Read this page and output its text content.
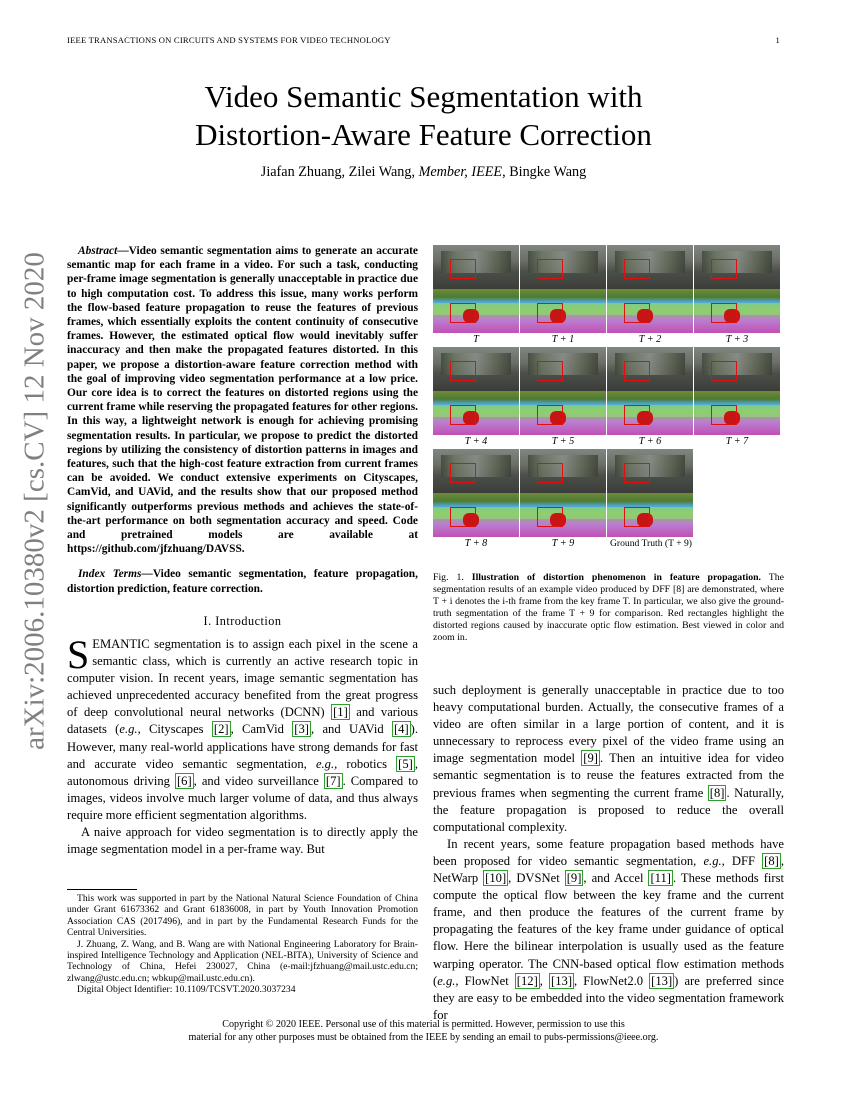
IEEE TRANSACTIONS ON CIRCUITS AND SYSTEMS FOR VIDEO TECHNOLOGY	1
arXiv:2006.10380v2 [cs.CV] 12 Nov 2020
Video Semantic Segmentation with
Distortion-Aware Feature Correction
Jiafan Zhuang, Zilei Wang, Member, IEEE, Bingke Wang

Abstract—Video semantic segmentation aims to generate an accurate semantic map for each frame in a video. For such a task, conducting per-frame image segmentation is generally unacceptable in practice due to high computation cost. To address this issue, many works perform the flow-based feature propagation to reuse the features of previous frames, which essentially exploits the content continuity of consecutive frames. However, the estimated optical flow would inevitably suffer inaccuracy and then make the propagated features distorted. In this paper, we propose a distortion-aware feature correction method with the goal of improving video segmentation performance at a low price. Our core idea is to correct the features on distorted regions using the current frame while reserving the propagated features for other regions. In this way, a lightweight network is enough for achieving promising segmentation results. In particular, we propose to predict the distorted regions by utilizing the consistency of distortion patterns in images and features, such that the high-cost feature extraction from current frames can be avoided. We conduct extensive experiments on Cityscapes, CamVid, and UAVid, and the results show that our proposed method significantly outperforms previous methods and achieves the state-of-the-art performance on both segmentation accuracy and speed. Code and pretrained models are available at https://github.com/jfzhuang/DAVSS.

Index Terms—Video semantic segmentation, feature propagation, distortion prediction, feature correction.

I. Introduction

SEMANTIC segmentation is to assign each pixel in the scene a semantic class, which is currently an active research topic in computer vision. In recent years, image semantic segmentation has achieved unprecedented accuracy benefited from the great progress of deep convolutional neural networks (DCNN) [1] and various datasets (e.g., Cityscapes [2] , CamVid [3] , and UAVid [4] ). However, many real-world applications have strong demands for fast and accurate video semantic segmentation, e.g., robotics [5] , autonomous driving [6] , and video surveillance [7] . Compared to images, videos involve much larger volume of data, and thus always require more efficient segmentation algorithms.

A naive approach for video segmentation is to directly apply the image segmentation model in a per-frame way. But

This work was supported in part by the National Natural Science Foundation of China under Grant 61673362 and Grant 61836008, in part by Youth Innovation Promotion Association CAS (2017496), and in part by the Fundamental Research Funds for the Central Universities.

J. Zhuang, Z. Wang, and B. Wang are with National Engineering Laboratory for Brain-inspired Intelligence Technology and Application (NEL-BITA), University of Science and Technology of China, Hefei 230027, China (e-mail:jfzhuang@mail.ustc.edu.cn; zlwang@ustc.edu.cn; wbkup@mail.ustc.edu.cn).

Digital Object Identifier: 10.1109/TCSVT.2020.3037234

T	T + 1	T + 2	T + 3
T + 4	T + 5	T + 6	T + 7
T + 8	T + 9	Ground Truth (T + 9)
Fig. 1. Illustration of distortion phenomenon in feature propagation. The segmentation results of an example video produced by DFF [8] are demonstrated, where T + i denotes the i-th frame from the key frame T. In particular, we also give the ground-truth segmentation of the frame T + 9 for comparison. Red rectangles highlight the distorted regions caused by inaccurate optic flow estimation. Best viewed in color and zoom in.

such deployment is generally unacceptable in practice due to too heavy computational burden. Actually, the consecutive frames of a video are often similar in a large portion of content, and it is unnecessary to reprocess every pixel of the video frame using an image segmentation model [9] . Then an intuitive idea for video semantic segmentation is to reuse the features extracted from the previous frames when segmenting the current frame [8] . Naturally, the feature propagation is proposed to reduce the overall computational complexity.

In recent years, some feature propagation based methods have been proposed for video semantic segmentation, e.g., DFF [8] , NetWarp [10] , DVSNet [9] , and Accel [11] . These methods first compute the optical flow between the key frame and the current frame, and then produce the features of the current frame by propagating the features of the key frame under guidance of optical flow. Here the bilinear interpolation is usually used as the feature warping operator. The CNN-based optical flow estimation methods (e.g., FlowNet [12] , [13] , FlowNet2.0 [13] ) are preferred since they are easy to be embedded into the video segmentation framework for

Copyright © 2020 IEEE. Personal use of this material is permitted. However, permission to use this
material for any other purposes must be obtained from the IEEE by sending an email to pubs-permissions@ieee.org.
